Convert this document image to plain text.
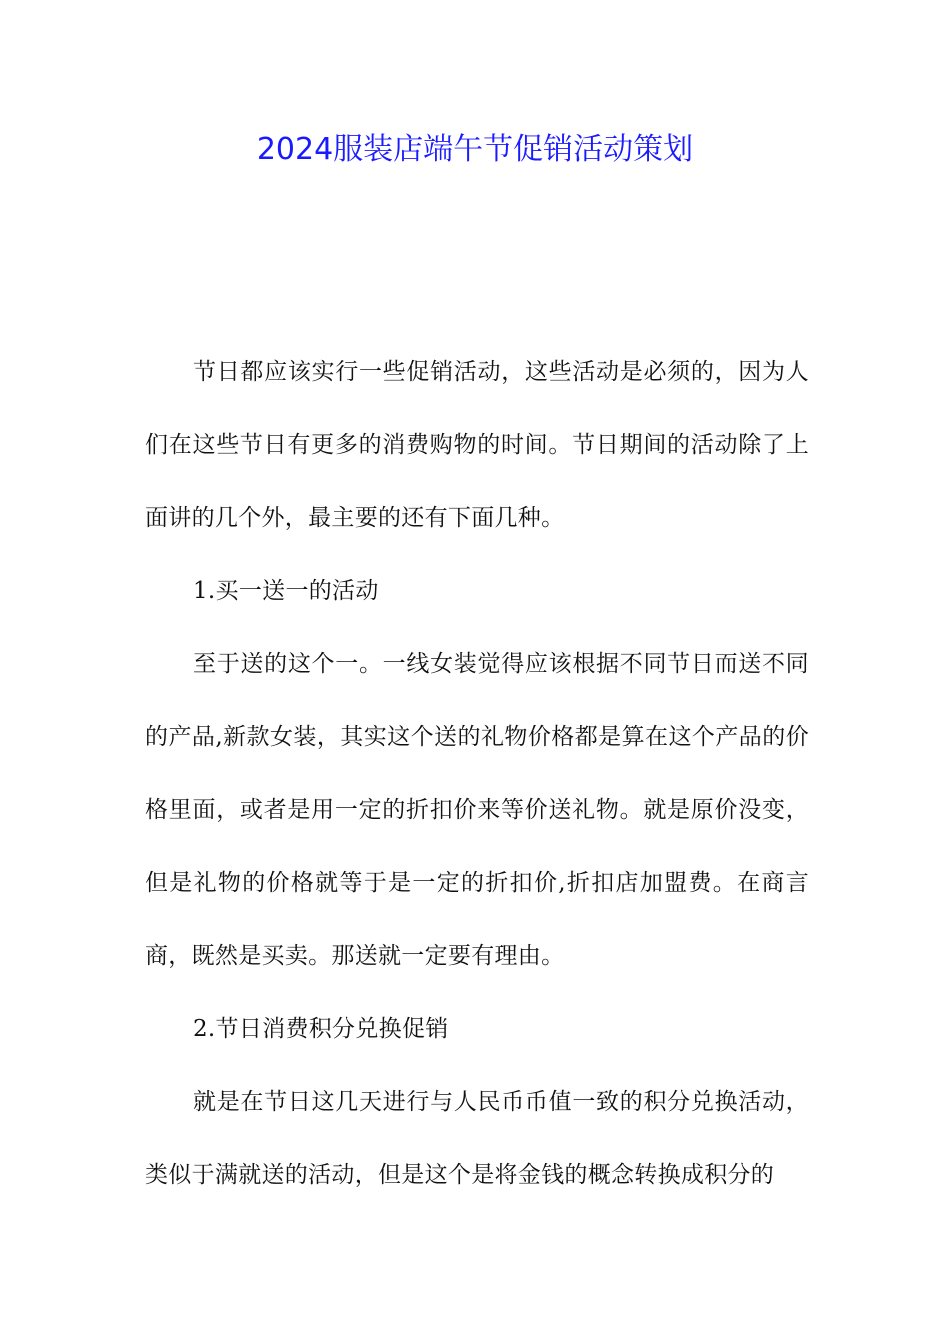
2024服装店端午节促销活动策划

节日都应该实行一些促销活动，这些活动是必须的，因为人们在这些节日有更多的消费购物的时间。节日期间的活动除了上面讲的几个外，最主要的还有下面几种。

1.买一送一的活动

至于送的这个一。一线女装觉得应该根据不同节日而送不同的产品,新款女装，其实这个送的礼物价格都是算在这个产品的价格里面，或者是用一定的折扣价来等价送礼物。就是原价没变，但是礼物的价格就等于是一定的折扣价,折扣店加盟费。在商言商，既然是买卖。那送就一定要有理由。

2.节日消费积分兑换促销

就是在节日这几天进行与人民币币值一致的积分兑换活动，类似于满就送的活动，但是这个是将金钱的概念转换成积分的
